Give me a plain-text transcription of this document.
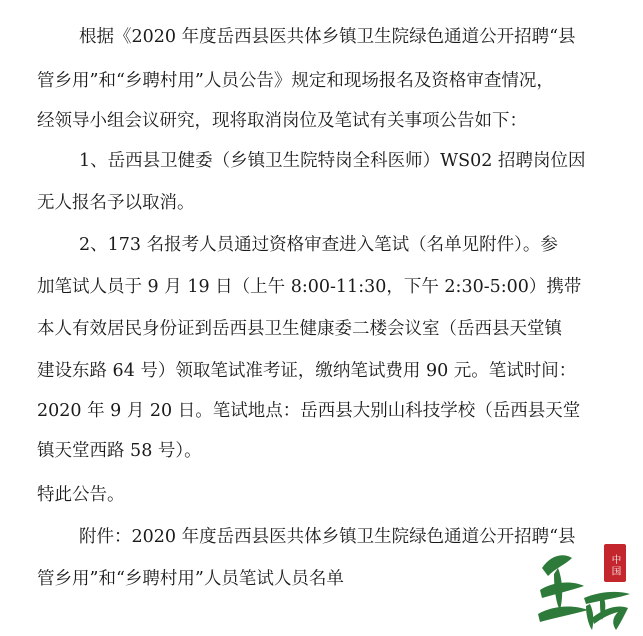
根据《2020 年度岳西县医共体乡镇卫生院绿色通道公开招聘“县
管乡用”和“乡聘村用”人员公告》规定和现场报名及资格审查情况，
经领导小组会议研究，现将取消岗位及笔试有关事项公告如下：
1、岳西县卫健委（乡镇卫生院特岗全科医师）WS02 招聘岗位因
无人报名予以取消。
2、173 名报考人员通过资格审查进入笔试（名单见附件）。参
加笔试人员于 9 月 19 日（上午 8:00-11:30，下午 2:30-5:00）携带
本人有效居民身份证到岳西县卫生健康委二楼会议室（岳西县天堂镇
建设东路 64 号）领取笔试准考证，缴纳笔试费用 90 元。笔试时间：
2020 年 9 月 20 日。笔试地点：岳西县大别山科技学校（岳西县天堂
镇天堂西路 58 号）。
特此公告。
附件：2020 年度岳西县医共体乡镇卫生院绿色通道公开招聘“县
管乡用”和“乡聘村用”人员笔试人员名单
中国
